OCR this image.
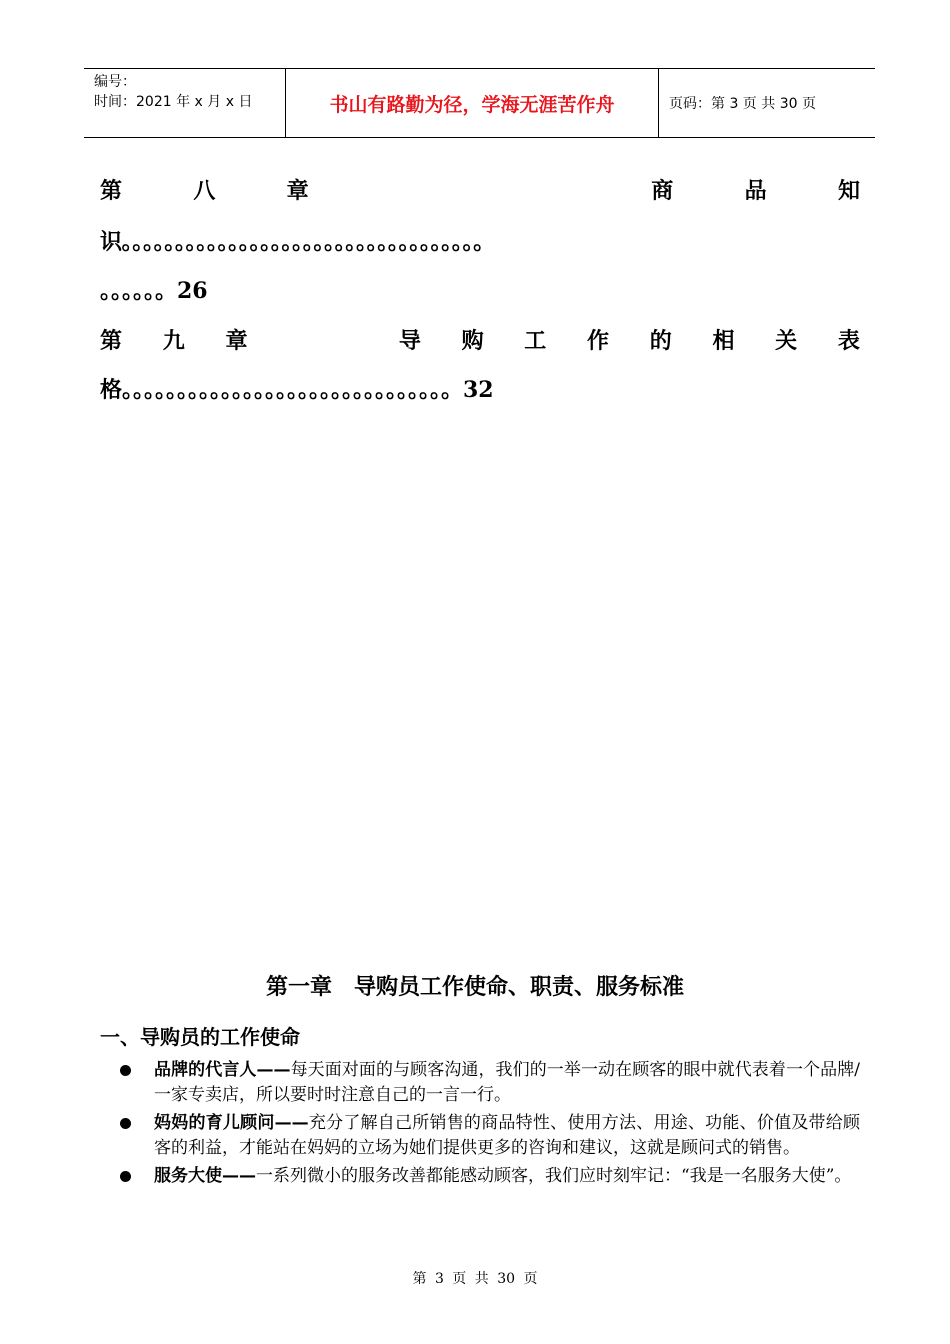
编号：
时间：2021 年 x 月 x 日	书山有路勤为径，学海无涯苦作舟	页码：第 3 页 共 30 页
第	八	章	商	品	知
识。。。。。。。。。。。。。。。。。。。。。。。。。。。。。。。。。。
。。。。。。26
第 九 章	导 购 工 作 的 相 关 表
格。。。。。。。。。。。。。。。。。。。。。。。。。。。。。。32
第一章 导购员工作使命、职责、服务标准
一、导购员的工作使命
品牌的代言人——每天面对面的与顾客沟通，我们的一举一动在顾客的眼中就代表着一个品牌/一家专卖店，所以要时时注意自己的一言一行。
妈妈的育儿顾问——充分了解自己所销售的商品特性、使用方法、用途、功能、价值及带给顾客的利益，才能站在妈妈的立场为她们提供更多的咨询和建议，这就是顾问式的销售。
服务大使——一系列微小的服务改善都能感动顾客，我们应时刻牢记：“我是一名服务大使”。
第 3 页 共 30 页
